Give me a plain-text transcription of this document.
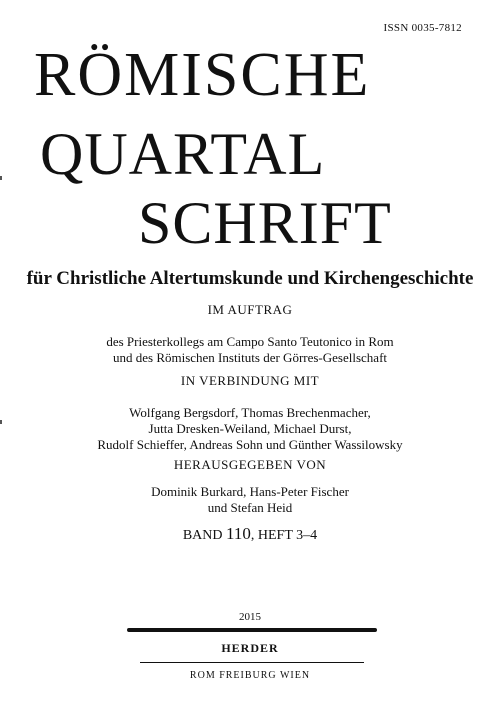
ISSN 0035-7812
RÖMISCHE
QUARTAL
SCHRIFT
für Christliche Altertumskunde und Kirchengeschichte
IM AUFTRAG
des Priesterkollegs am Campo Santo Teutonico in Rom
und des Römischen Instituts der Görres-Gesellschaft
IN VERBINDUNG MIT
Wolfgang Bergsdorf, Thomas Brechenmacher,
Jutta Dresken-Weiland, Michael Durst,
Rudolf Schieffer, Andreas Sohn und Günther Wassilowsky
HERAUSGEGEBEN VON
Dominik Burkard, Hans-Peter Fischer
und Stefan Heid
BAND 110, HEFT 3–4
2015
HERDER
ROM FREIBURG WIEN
